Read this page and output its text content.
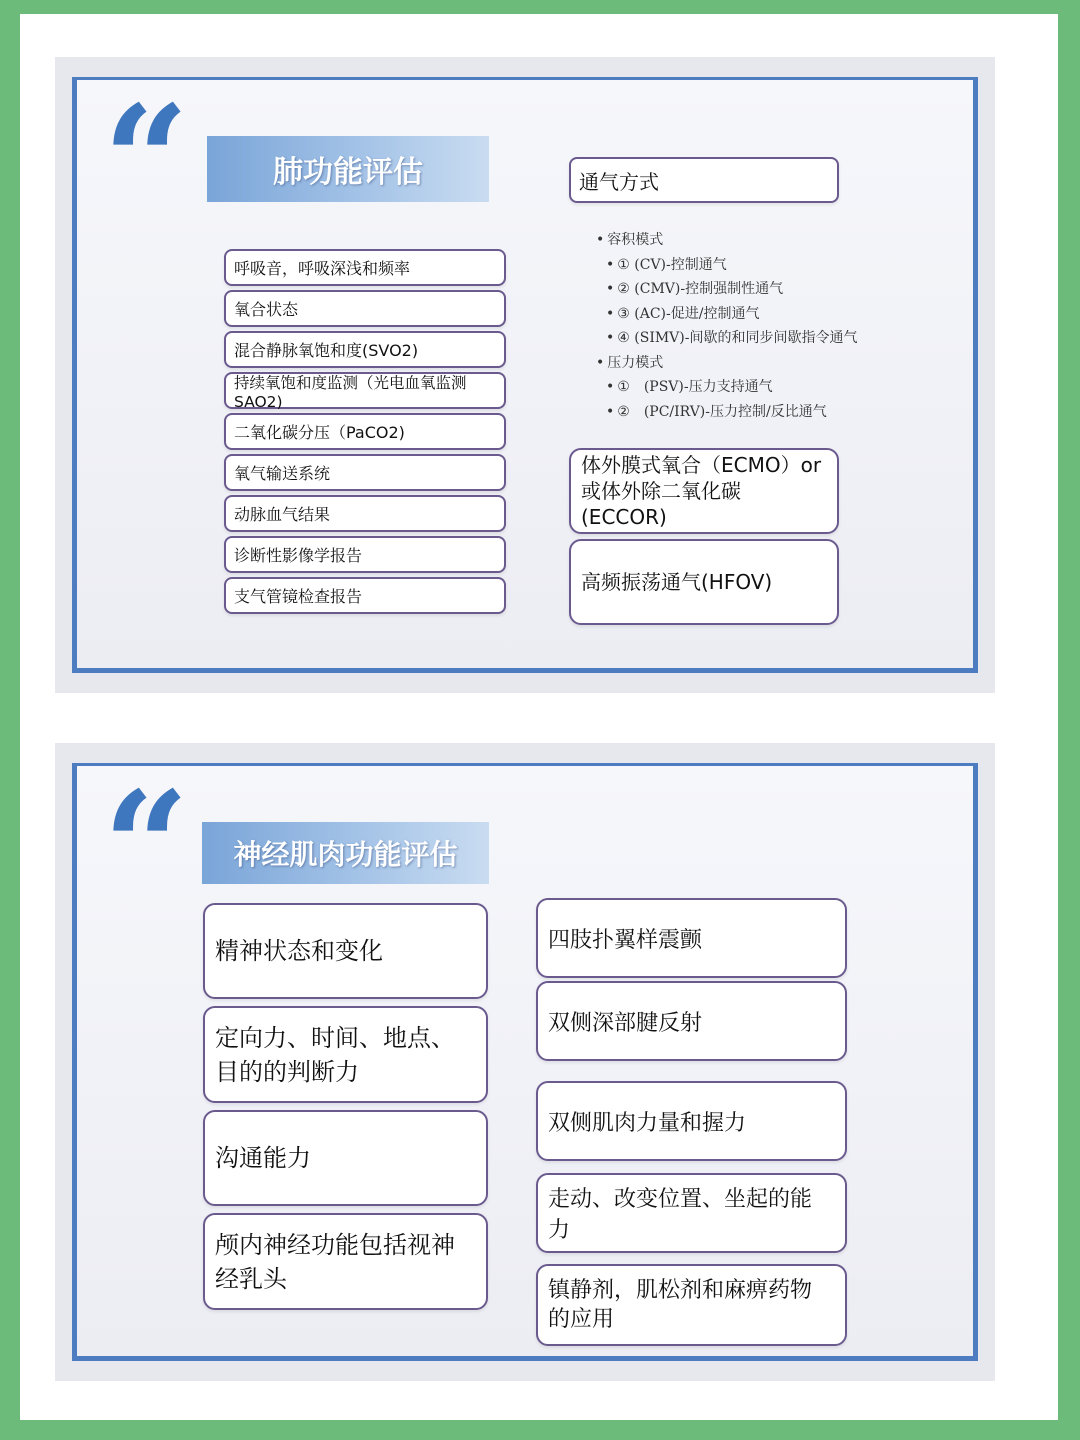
“	肺功能评估
呼吸音，呼吸深浅和频率
氧合状态
混合静脉氧饱和度(SVO2)
持续氧饱和度监测（光电血氧监测SAO2)
二氧化碳分压（PaCO2)
氧气输送系统
动脉血气结果
诊断性影像学报告
支气管镜检查报告
通气方式
• 容积模式
• ① (CV)-控制通气
• ② (CMV)-控制强制性通气
• ③ (AC)-促进/控制通气
• ④ (SIMV)-间歇的和同步间歇指令通气
• 压力模式
• ①　(PSV)-压力支持通气
• ②　(PC/IRV)-压力控制/反比通气
体外膜式氧合（ECMO）or或体外除二氧化碳(ECCOR)
高频振荡通气(HFOV)
“	神经肌肉功能评估
精神状态和变化
定向力、时间、地点、目的的判断力
沟通能力
颅内神经功能包括视神经乳头
四肢扑翼样震颤
双侧深部腱反射
双侧肌肉力量和握力
走动、改变位置、坐起的能力
镇静剂，肌松剂和麻痹药物的应用
